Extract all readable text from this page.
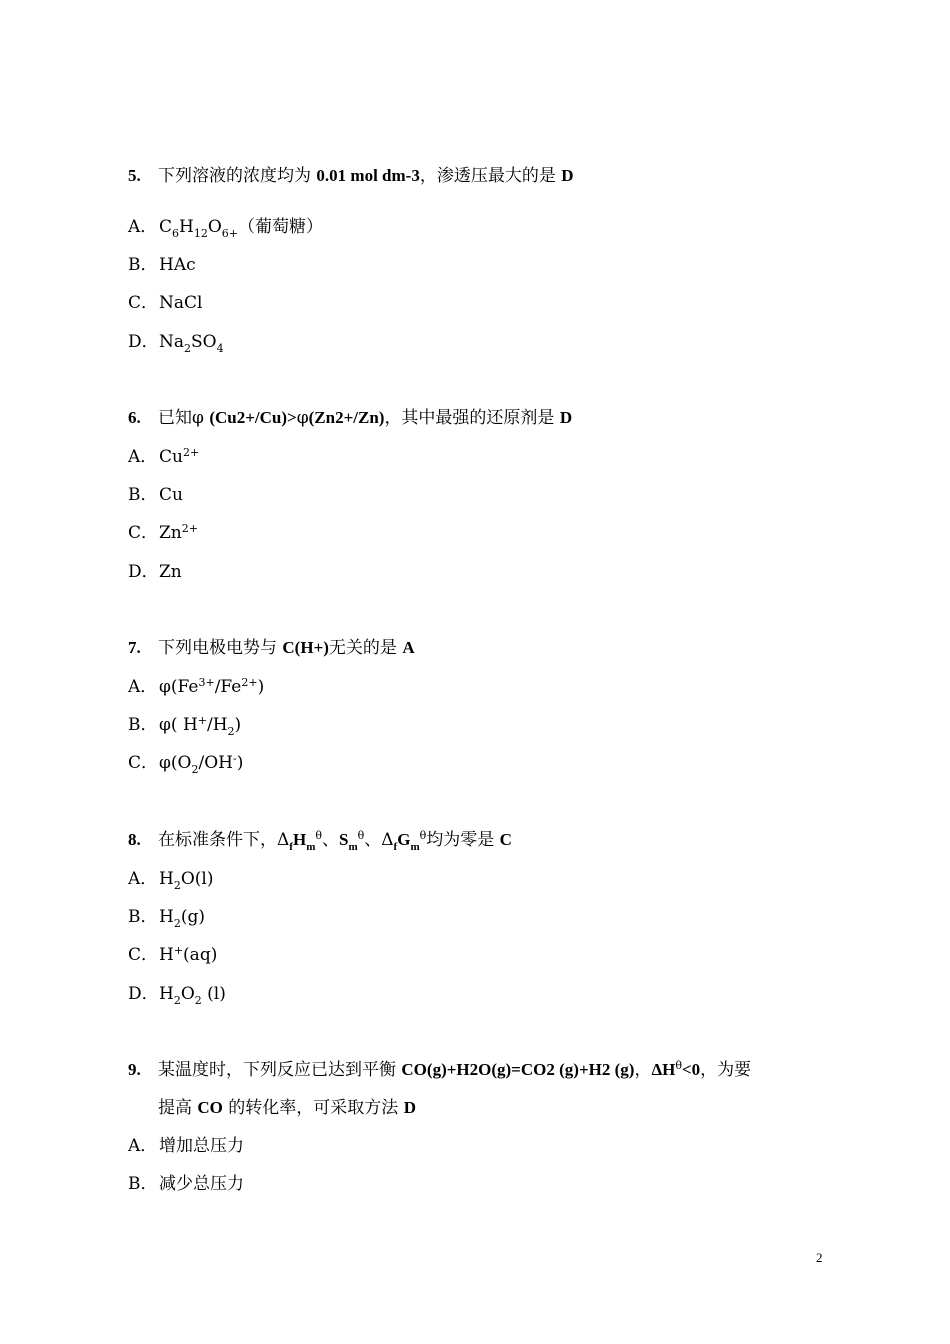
5. 下列溶液的浓度均为 0.01 mol dm-3，渗透压最大的是 D
A． $C_6H_{12}O_{6+}$（葡萄糖）
B．HAc
C．NaCl
D．$Na_2SO_4$
6. 已知φ (Cu2+/Cu)>φ(Zn2+/Zn)，其中最强的还原剂是 D
A． $Cu^{2+}$
B．Cu
C．$Zn^{2+}$
D．Zn
7. 下列电极电势与 C(H+)无关的是 A
A． $\varphi(Fe^{3+}/Fe^{2+})$
B．φ( $H^+/H_2$)
C．$\varphi(O_2/OH^-)$
8. 在标准条件下，$\Delta_fH_m^\theta$、$S_m^\theta$、$\Delta_fG_m^\theta$均为零是 C
A． $H_2O(l)$
B．$H_2(g)$
C．H+(aq)
D．$H_2O_2$ (l)
9. 某温度时，下列反应已达到平衡 CO(g)+H2O(g)=CO2 (g)+H2 (g)，$\Delta H^\theta<0$，为要
提高 CO 的转化率，可采取方法 D
A． 增加总压力
B．减少总压力
2
